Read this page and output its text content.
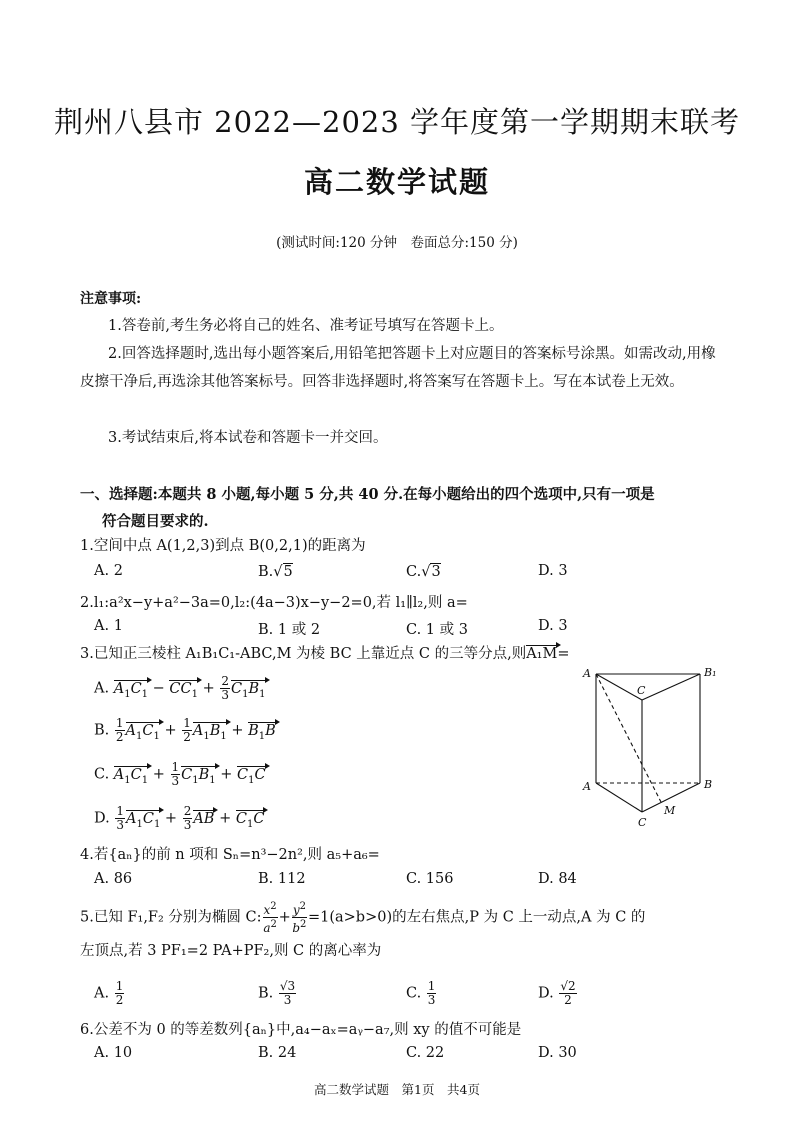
荆州八县市 2022—2023 学年度第一学期期末联考
高二数学试题
(测试时间:120 分钟　卷面总分:150 分)
注意事项:
1.答卷前,考生务必将自己的姓名、准考证号填写在答题卡上。
2.回答选择题时,选出每小题答案后,用铅笔把答题卡上对应题目的答案标号涂黑。如需改动,用橡皮擦干净后,再选涂其他答案标号。回答非选择题时,将答案写在答题卡上。写在本试卷上无效。
3.考试结束后,将本试卷和答题卡一并交回。
一、选择题:本题共 8 小题,每小题 5 分,共 40 分.在每小题给出的四个选项中,只有一项是
符合题目要求的.
1.空间中点 A(1,2,3)到点 B(0,2,1)的距离为
A. 2	B.√5	C.√3	D. 3
2.l₁:a²x−y+a²−3a=0,l₂:(4a−3)x−y−2=0,若 l₁∥l₂,则 a=
A. 1	B. 1 或 2	C. 1 或 3	D. 3
3.已知正三棱柱 A₁B₁C₁-ABC,M 为棱 BC 上靠近点 C 的三等分点,则A₁M=
A. $A_1C_1 - CC_1 + \frac{2}{3} C_1B_1$
B. $\frac{1}{2} A_1C_1 + \frac{1}{2} A_1B_1 + B_1B$
C. $A_1C_1 + \frac{1}{3} C_1B_1 + C_1C$
D. $\frac{1}{3} A_1C_1 + \frac{2}{3}$ AB + $C_1C$
A	B₁
C
A	B
C
M
4.若{aₙ}的前 n 项和 Sₙ=n³−2n²,则 a₅+a₆=
A. 86	B. 112	C. 156	D. 84
5.已知 F₁,F₂ 分别为椭圆 C: $\frac{x^2}{a^2} + \frac{y^2}{b^2} =1(a>b>0)$的左右焦点,P 为 C 上一动点,A 为 C 的
左顶点,若 3 PF₁=2 PA+PF₂,则 C 的离心率为
A. $\frac{1}{2}$	B. $\frac{√3}{3}$	C. $\frac{1}{3}$	D. $\frac{√2}{2}$
6.公差不为 0 的等差数列{aₙ}中,a₄−aₓ=aᵧ−a₇,则 xy 的值不可能是
A. 10	B. 24	C. 22	D. 30
高二数学试题　第1页　共4页
